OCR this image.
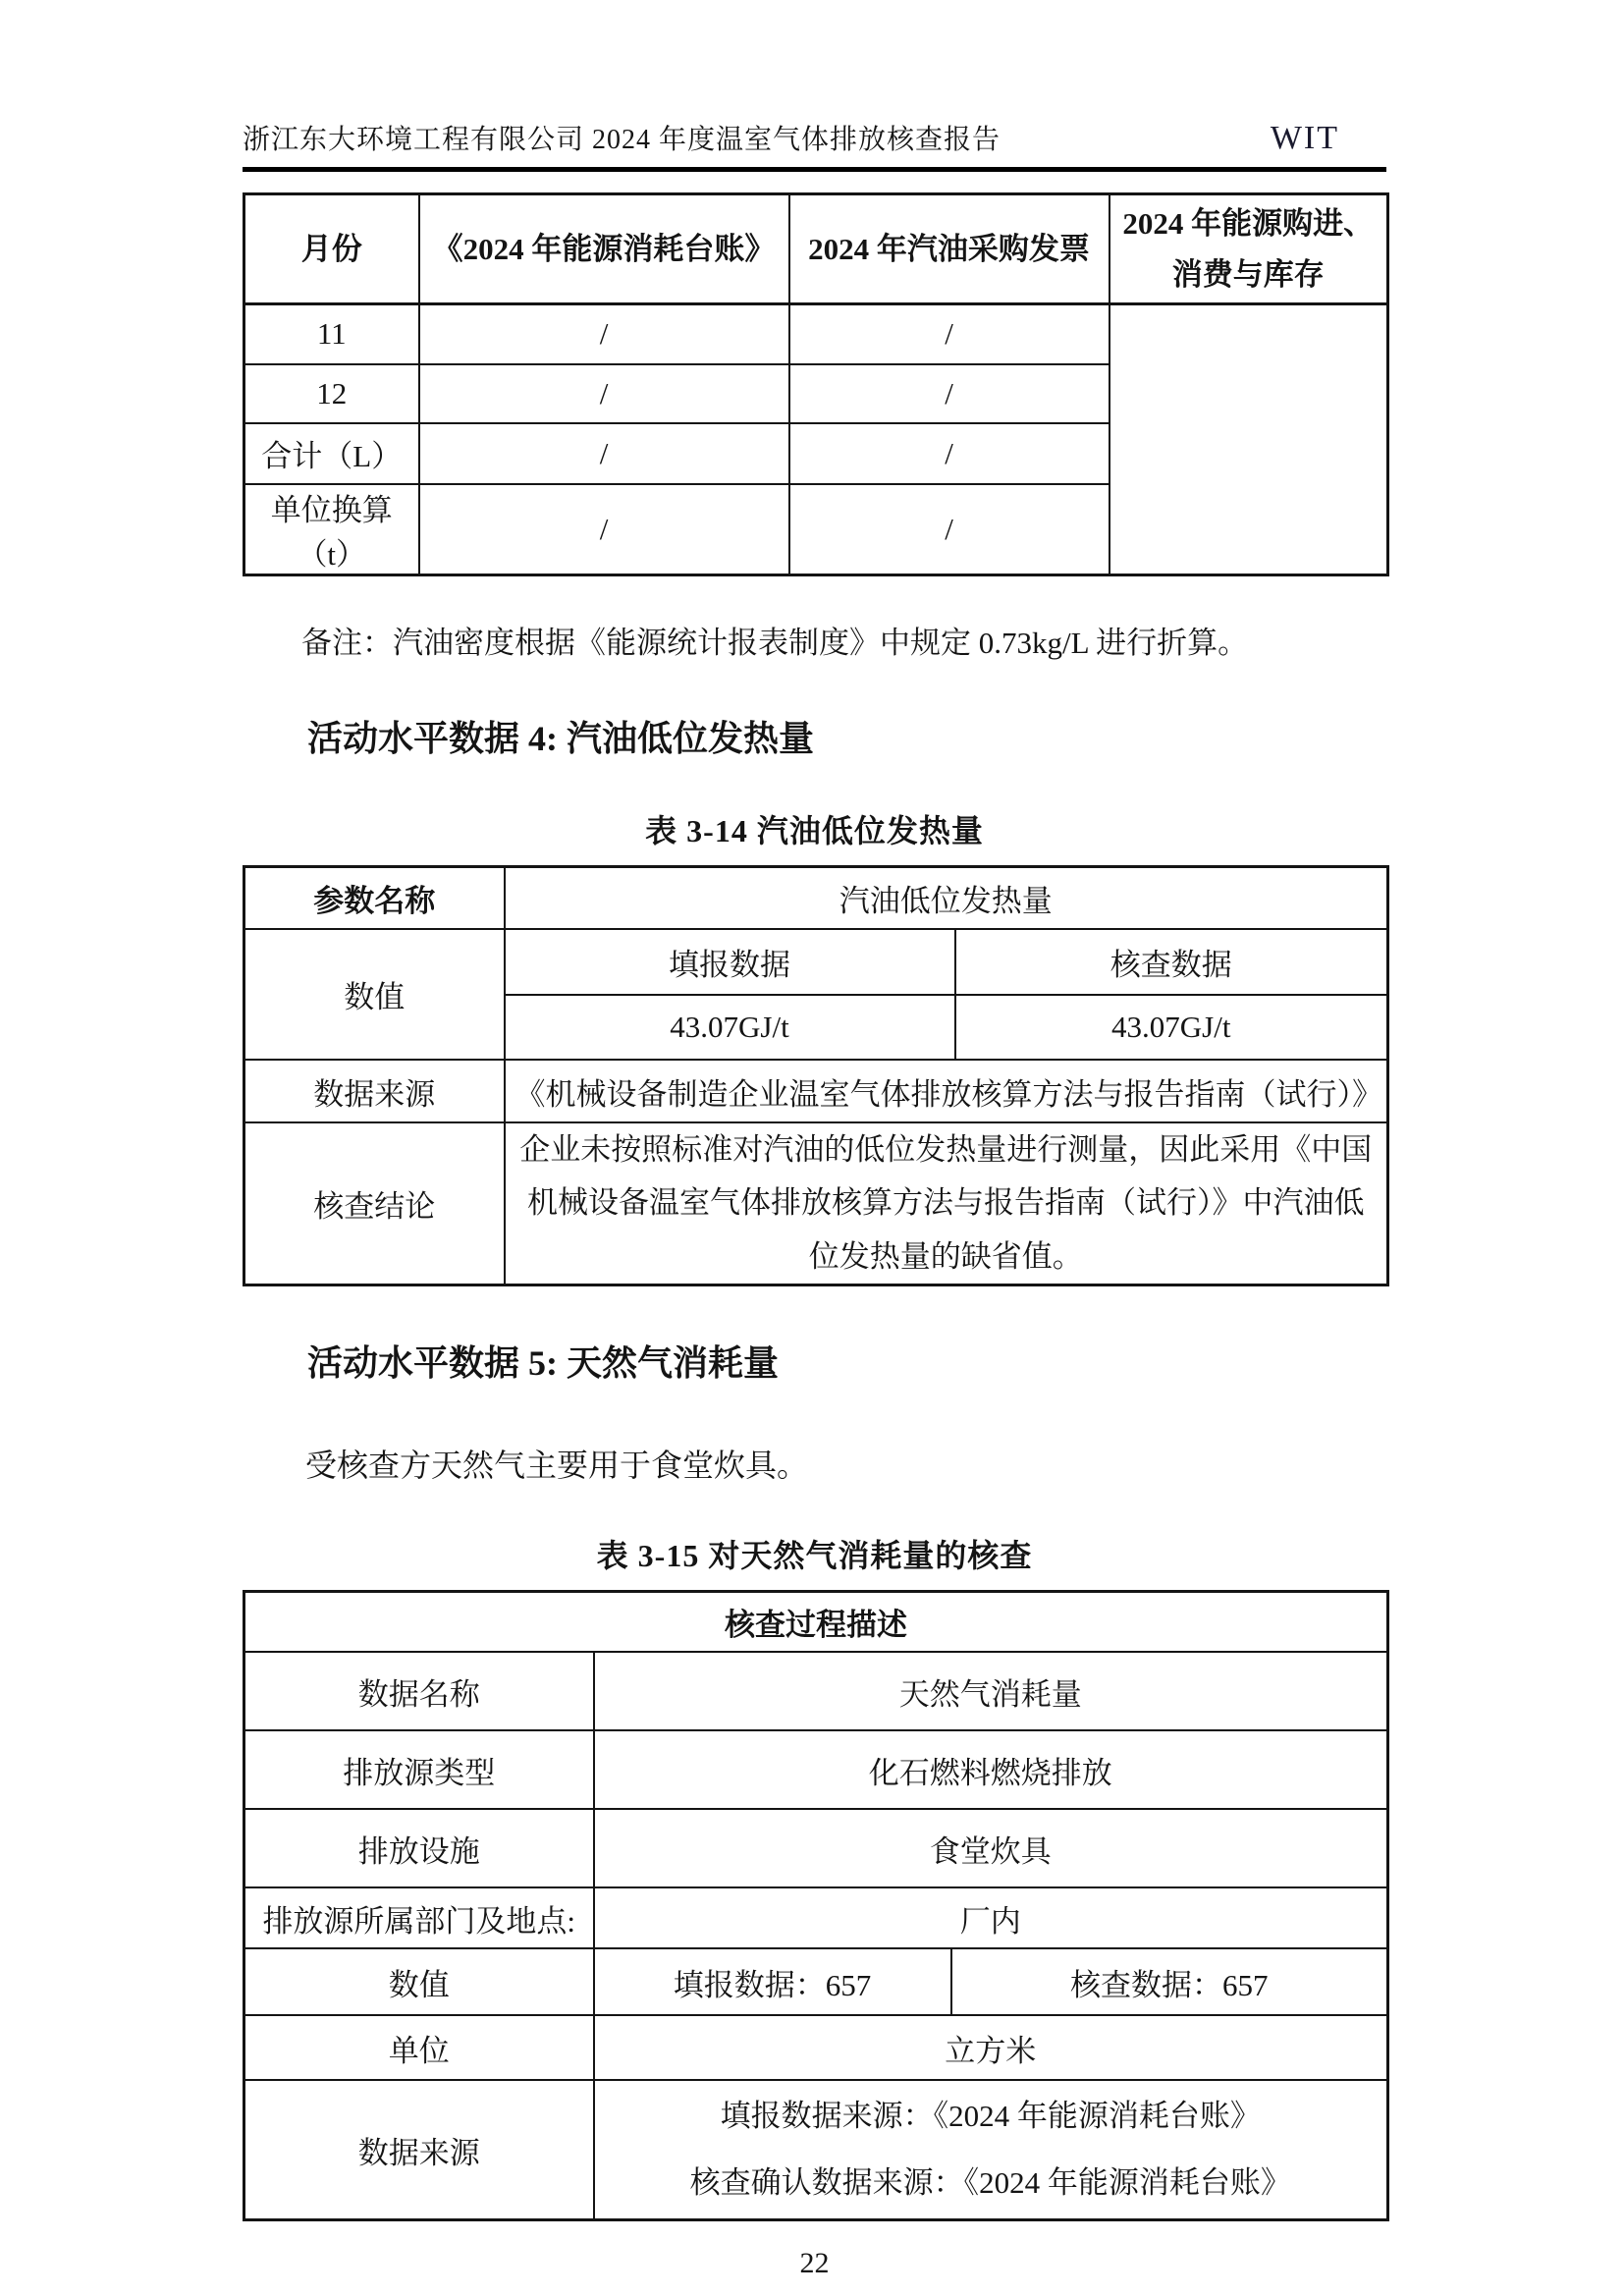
浙江东大环境工程有限公司 2024 年度温室气体排放核查报告	WIT
月份	《2024 年能源消耗台账》	2024 年汽油采购发票	2024 年能源购进、消费与库存
11	/	/	
12	/	/	
合计（L）	/	/	
单位换算（t）	/	/	

备注：汽油密度根据《能源统计报表制度》中规定 0.73kg/L 进行折算。

活动水平数据 4: 汽油低位发热量

表 3-14 汽油低位发热量

参数名称	汽油低位发热量	
数值	填报数据	核查数据
	43.07GJ/t	43.07GJ/t
数据来源	《机械设备制造企业温室气体排放核算方法与报告指南（试行）》	
核查结论	企业未按照标准对汽油的低位发热量进行测量，因此采用《中国机械设备温室气体排放核算方法与报告指南（试行）》中汽油低位发热量的缺省值。	

活动水平数据 5: 天然气消耗量

受核查方天然气主要用于食堂炊具。

表 3-15 对天然气消耗量的核查

核查过程描述		
数据名称	天然气消耗量	
排放源类型	化石燃料燃烧排放	
排放设施	食堂炊具	
排放源所属部门及地点:	厂内	
数值	填报数据：657	核查数据：657
单位	立方米	
数据来源	填报数据来源：《2024 年能源消耗台账》
核查确认数据来源：《2024 年能源消耗台账》	
22
